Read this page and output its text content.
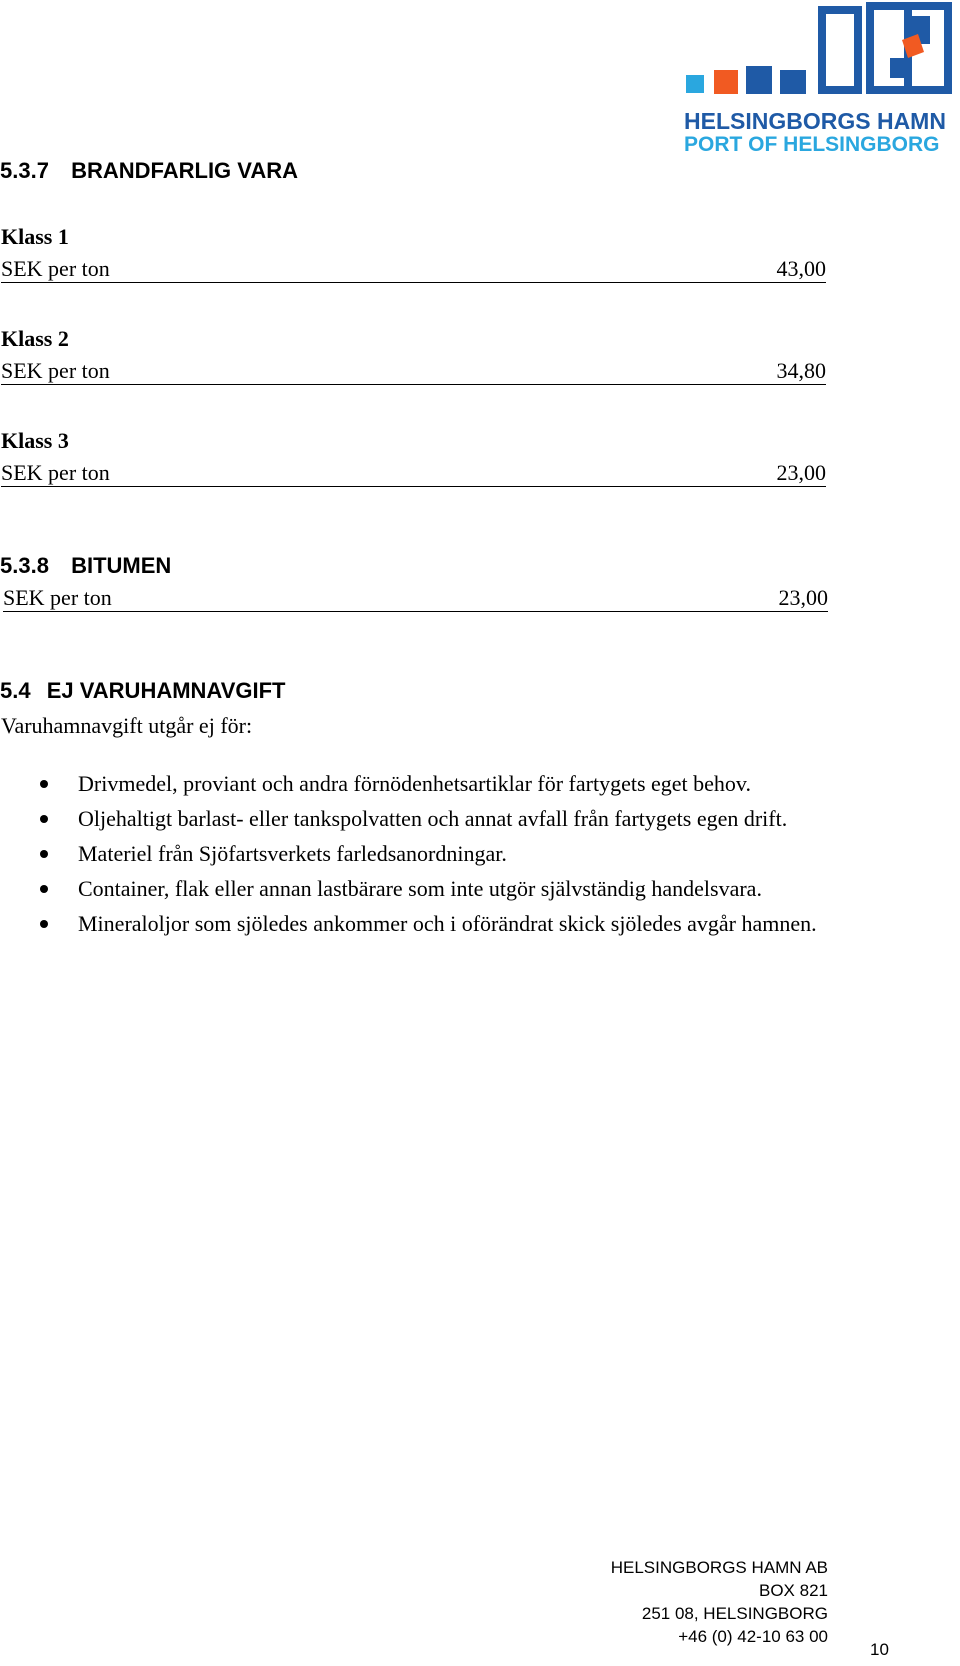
HELSINGBORGS HAMN
PORT OF HELSINGBORG
5.3.7 BRANDFARLIG VARA
Klass 1
SEK per ton	43,00
Klass 2
SEK per ton	34,80
Klass 3
SEK per ton	23,00
5.3.8 BITUMEN
SEK per ton	23,00
5.4 EJ VARUHAMNAVGIFT
Varuhamnavgift utgår ej för:
Drivmedel, proviant och andra förnödenhetsartiklar för fartygets eget behov.
Oljehaltigt barlast- eller tankspolvatten och annat avfall från fartygets egen drift.
Materiel från Sjöfartsverkets farledsanordningar.
Container, flak eller annan lastbärare som inte utgör självständig handelsvara.
Mineraloljor som sjöledes ankommer och i oförändrat skick sjöledes avgår hamnen.
HELSINGBORGS HAMN AB
BOX 821
251 08, HELSINGBORG
+46 (0) 42-10 63 00
10
